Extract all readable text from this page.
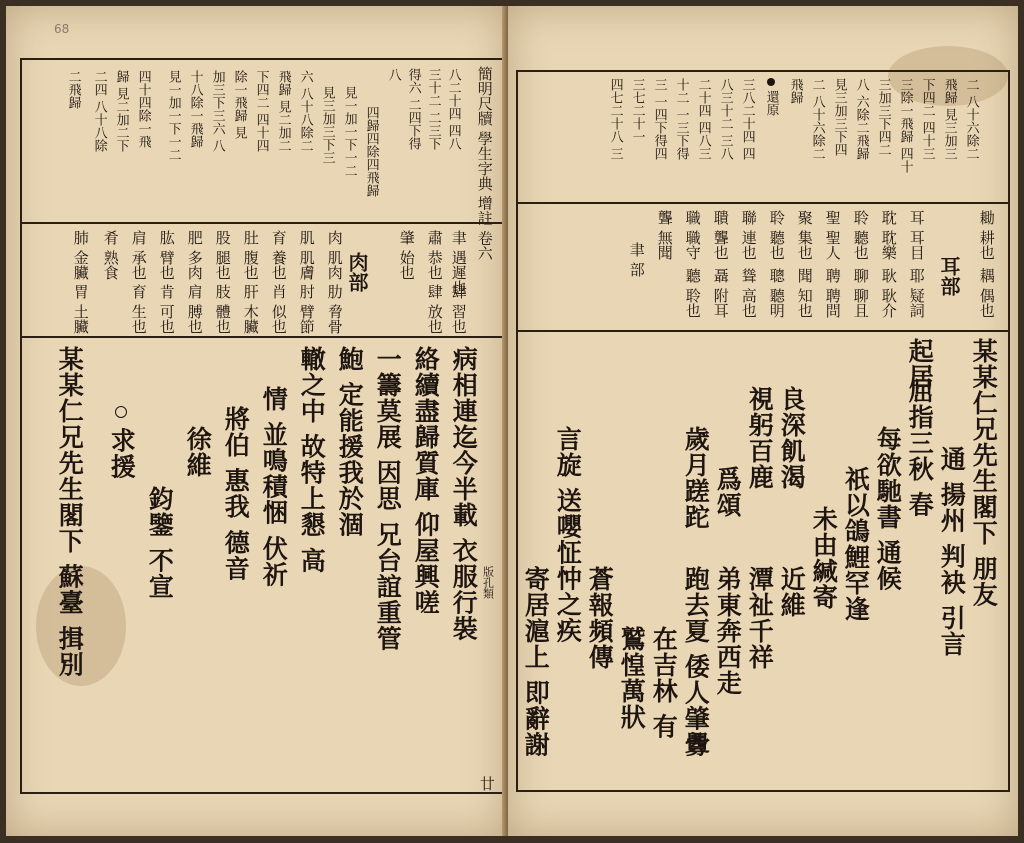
68
簡明尺牘 學生字典 增註 卷六
版孔類
廿
八二十四 四八
三十二 二三下
得六 二四下得
八
四歸四除四飛歸
見一加一下一二
見三加三下三
六 八十八除二
飛歸 見二加二
下四二 四十四
除一飛歸 見
加三下三六 八
十八除一飛歸
見一加一下一二
四十四除一飛
歸 見二加二下
二四 八十八除
二飛歸
肉部	聿 遇遲也
肆 習也
肅 恭也
肆 放也
肇 始也
肉 肌肉
肋 脅骨
肌 肌膚
肘 臂節
育 養也
肖 似也
肚 腹也
肝 木臟
股 腿也
肢 體也
肥 多肉
肩 膊也
肱 臂也
肯 可也
肩 承也
育 生也
肴 熟食
肺 金臟
胃 土臟
病相連迄今半載 衣服行裝
絡續盡歸質庫 仰屋興嗟
一籌莫展 因思 兄台誼重管
鮑 定能援我於涸
轍之中 故特上懇 高
情 並鳴積悃 伏祈
將伯 惠我 德音
徐維
鈞鑒 不宣
求援
某某仁兄先生閣下 蘇臺 揖別
二 八十六除二
飛歸 見三加三
下四二 四十三
三除一飛歸 四十
三加三下四二
八 六除二飛歸
見三加三下四
二 八十六除二
飛歸
還原
三八二十四 四
八三十二 三八
二十四 四八三
十二 一三下得
三 一四下得四
三七二十一
四七二十八 三
耳部
耡 耕也
耦 偶也
耳 耳目
耶 疑詞
耽 耽樂
耿 耿介
聆 聽也
聊 聊且
聖 聖人
聘 聘問
聚 集也
聞 知也
聆 聽也
聰 聽明
聯 連也
聳 高也
聵 聾也
聶 附耳
職 職守
聽 聆也
聾 無聞
聿 部
某某仁兄先生閣下 朋友
通 揚州 判袂 引言
屈指三秋 春
每欲馳書 通候
祇以鴿鯉罕逢
未由緘寄
近維
潭祉千祥
弟東奔西走
跑去夏 倭人肇釁
在吉林 有
鷲惶萬狀
蒼報頻傳
言旋 送嚶怔忡之疾
寄居滬上 即辭謝
起居
良深飢渴
視躬百鹿
爲頌
歲月蹉跎
